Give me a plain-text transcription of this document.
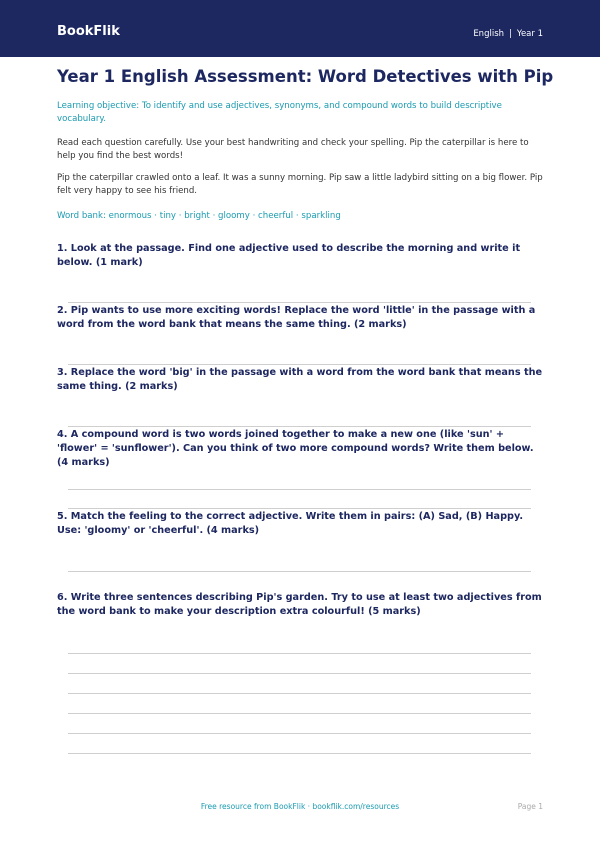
BookFlik	English | Year 1
Year 1 English Assessment: Word Detectives with Pip
Learning objective: To identify and use adjectives, synonyms, and compound words to build descriptive vocabulary.
Read each question carefully. Use your best handwriting and check your spelling. Pip the caterpillar is here to help you find the best words!
Pip the caterpillar crawled onto a leaf. It was a sunny morning. Pip saw a little ladybird sitting on a big flower. Pip felt very happy to see his friend.
Word bank: enormous · tiny · bright · gloomy · cheerful · sparkling
1. Look at the passage. Find one adjective used to describe the morning and write it below. (1 mark)
2. Pip wants to use more exciting words! Replace the word 'little' in the passage with a word from the word bank that means the same thing. (2 marks)
3. Replace the word 'big' in the passage with a word from the word bank that means the same thing. (2 marks)
4. A compound word is two words joined together to make a new one (like 'sun' + 'flower' = 'sunflower'). Can you think of two more compound words? Write them below. (4 marks)
5. Match the feeling to the correct adjective. Write them in pairs: (A) Sad, (B) Happy. Use: 'gloomy' or 'cheerful'. (4 marks)
6. Write three sentences describing Pip's garden. Try to use at least two adjectives from the word bank to make your description extra colourful! (5 marks)
Free resource from BookFlik · bookflik.com/resources	Page 1
